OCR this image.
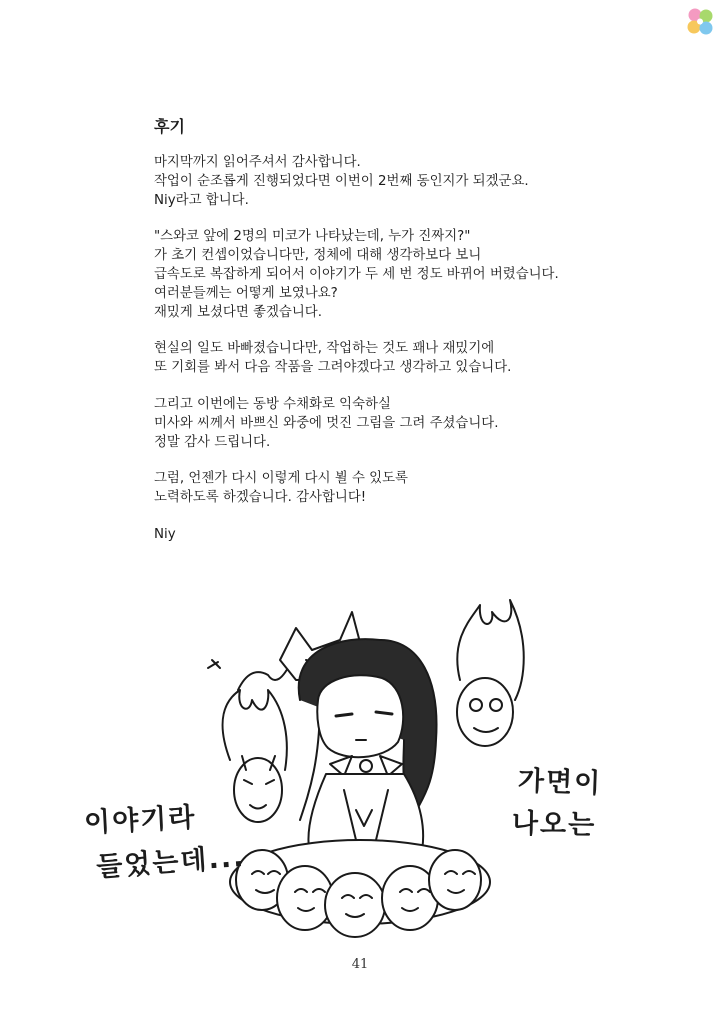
후기
마지막까지 읽어주셔서 감사합니다.
작업이 순조롭게 진행되었다면 이번이 2번째 동인지가 되겠군요.
Niy라고 합니다.
"스와코 앞에 2명의 미코가 나타났는데, 누가 진짜지?"
가 초기 컨셉이었습니다만, 정체에 대해 생각하보다 보니
급속도로 복잡하게 되어서 이야기가 두 세 번 정도 바뀌어 버렸습니다.
여러분들께는 어떻게 보였나요?
재밌게 보셨다면 좋겠습니다.
현실의 일도 바빠졌습니다만, 작업하는 것도 꽤나 재밌기에
또 기회를 봐서 다음 작품을 그려야겠다고 생각하고 있습니다.
그리고 이번에는 동방 수채화로 익숙하실
미사와 씨께서 바쁘신 와중에 멋진 그림을 그려 주셨습니다.
정말 감사 드립니다.
그럼, 언젠가 다시 이렇게 다시 뵐 수 있도록
노력하도록 하겠습니다. 감사합니다!
Niy
이야기라
들었는데...
가면이
나오는
41
